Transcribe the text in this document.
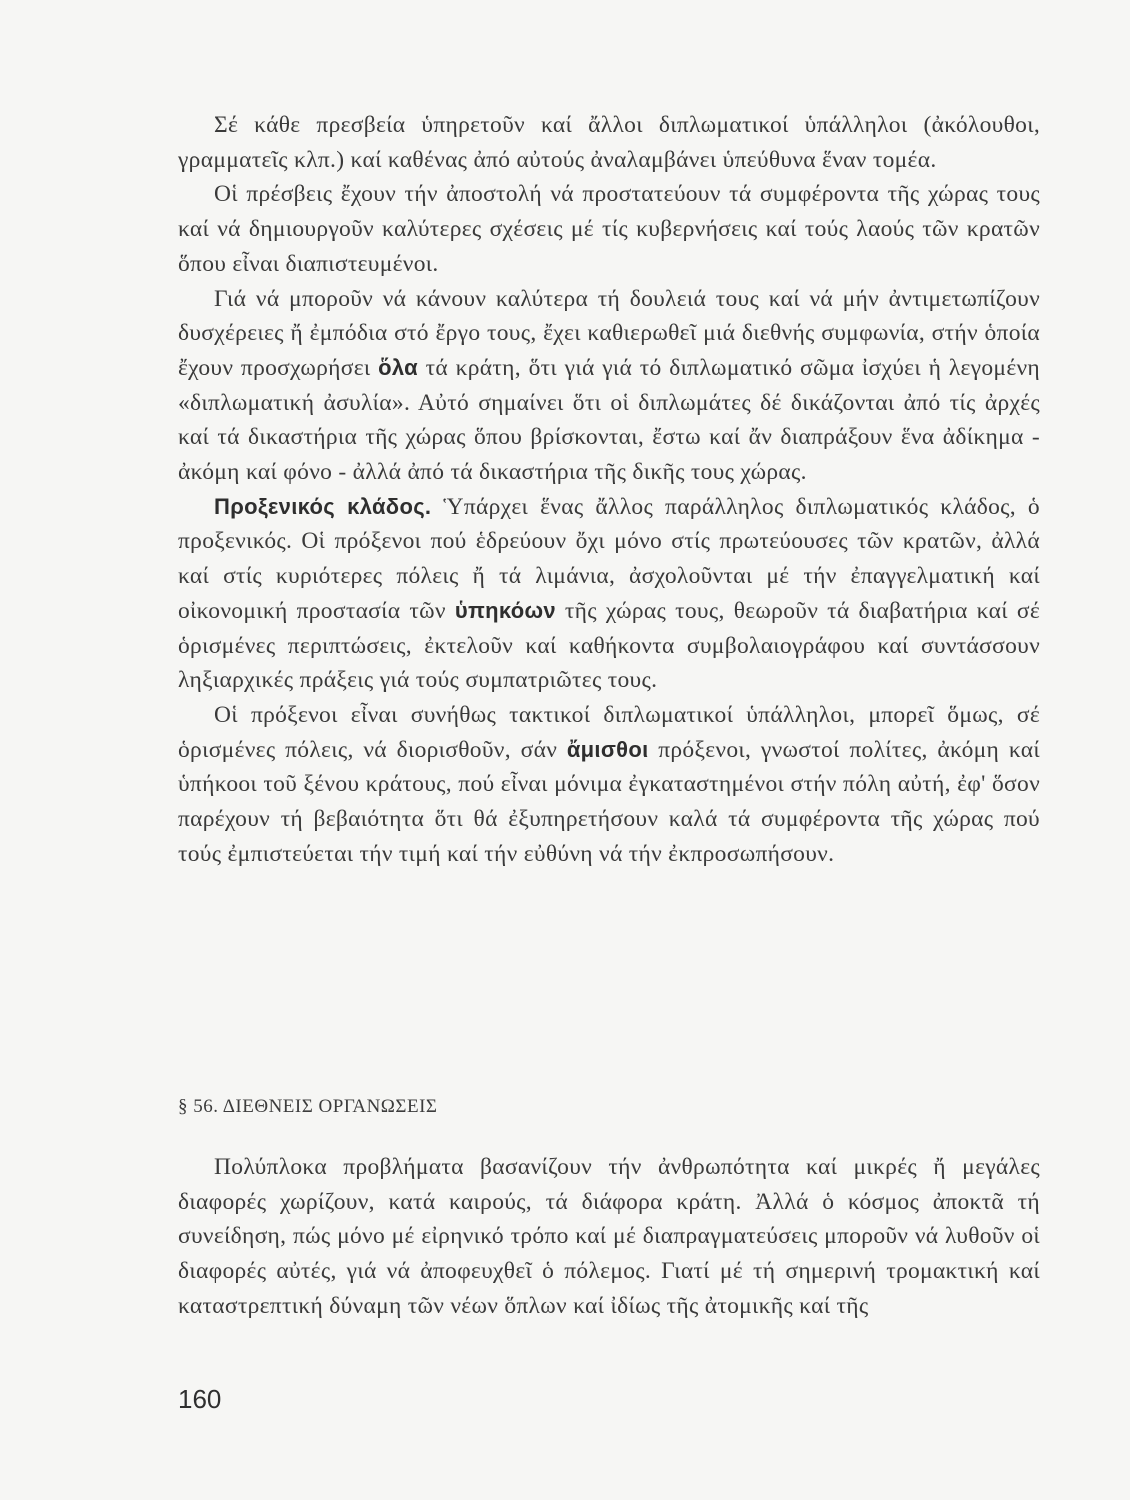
Σέ κάθε πρεσβεία ὑπηρετοῦν καί ἄλλοι διπλωματικοί ὑπάλληλοι (ἀκόλουθοι, γραμματεῖς κλπ.) καί καθένας ἀπό αὐτούς ἀναλαμβάνει ὑπεύθυνα ἕναν τομέα.

Οἱ πρέσβεις ἔχουν τήν ἀποστολή νά προστατεύουν τά συμφέροντα τῆς χώρας τους καί νά δημιουργοῦν καλύτερες σχέσεις μέ τίς κυβερνήσεις καί τούς λαούς τῶν κρατῶν ὅπου εἶναι διαπιστευμένοι.

Γιά νά μποροῦν νά κάνουν καλύτερα τή δουλειά τους καί νά μήν ἀντιμετωπίζουν δυσχέρειες ἤ ἐμπόδια στό ἔργο τους, ἔχει καθιερωθεῖ μιά διεθνής συμφωνία, στήν ὁποία ἔχουν προσχωρήσει ὅλα τά κράτη, ὅτι γιά γιά τό διπλωματικό σῶμα ἰσχύει ἡ λεγομένη «διπλωματική ἀσυλία». Αὐτό σημαίνει ὅτι οἱ διπλωμάτες δέ δικάζονται ἀπό τίς ἀρχές καί τά δικαστήρια τῆς χώρας ὅπου βρίσκονται, ἔστω καί ἄν διαπράξουν ἕνα ἀδίκημα - ἀκόμη καί φόνο - ἀλλά ἀπό τά δικαστήρια τῆς δικῆς τους χώρας.

Προξενικός κλάδος. Ὑπάρχει ἕνας ἄλλος παράλληλος διπλωματικός κλάδος, ὁ προξενικός. Οἱ πρόξενοι πού ἑδρεύουν ὄχι μόνο στίς πρωτεύουσες τῶν κρατῶν, ἀλλά καί στίς κυριότερες πόλεις ἤ τά λιμάνια, ἀσχολοῦνται μέ τήν ἐπαγγελματική καί οἰκονομική προστασία τῶν ὑπηκόων τῆς χώρας τους, θεωροῦν τά διαβατήρια καί σέ ὁρισμένες περιπτώσεις, ἐκτελοῦν καί καθήκοντα συμβολαιογράφου καί συντάσσουν ληξιαρχικές πράξεις γιά τούς συμπατριῶτες τους.

Οἱ πρόξενοι εἶναι συνήθως τακτικοί διπλωματικοί ὑπάλληλοι, μπορεῖ ὅμως, σέ ὁρισμένες πόλεις, νά διορισθοῦν, σάν ἄμισθοι πρόξενοι, γνωστοί πολίτες, ἀκόμη καί ὑπήκοοι τοῦ ξένου κράτους, πού εἶναι μόνιμα ἐγκαταστημένοι στήν πόλη αὐτή, ἐφ' ὅσον παρέχουν τή βεβαιότητα ὅτι θά ἐξυπηρετήσουν καλά τά συμφέροντα τῆς χώρας πού τούς ἐμπιστεύεται τήν τιμή καί τήν εὐθύνη νά τήν ἐκπροσωπήσουν.

§ 56. ΔΙΕΘΝΕΙΣ ΟΡΓΑΝΩΣΕΙΣ

Πολύπλοκα προβλήματα βασανίζουν τήν ἀνθρωπότητα καί μικρές ἤ μεγάλες διαφορές χωρίζουν, κατά καιρούς, τά διάφορα κράτη. Ἀλλά ὁ κόσμος ἀποκτᾶ τή συνείδηση, πώς μόνο μέ εἰρηνικό τρόπο καί μέ διαπραγματεύσεις μποροῦν νά λυθοῦν οἱ διαφορές αὐτές, γιά νά ἀποφευχθεῖ ὁ πόλεμος. Γιατί μέ τή σημερινή τρομακτική καί καταστρεπτική δύναμη τῶν νέων ὅπλων καί ἰδίως τῆς ἀτομικῆς καί τῆς

160
